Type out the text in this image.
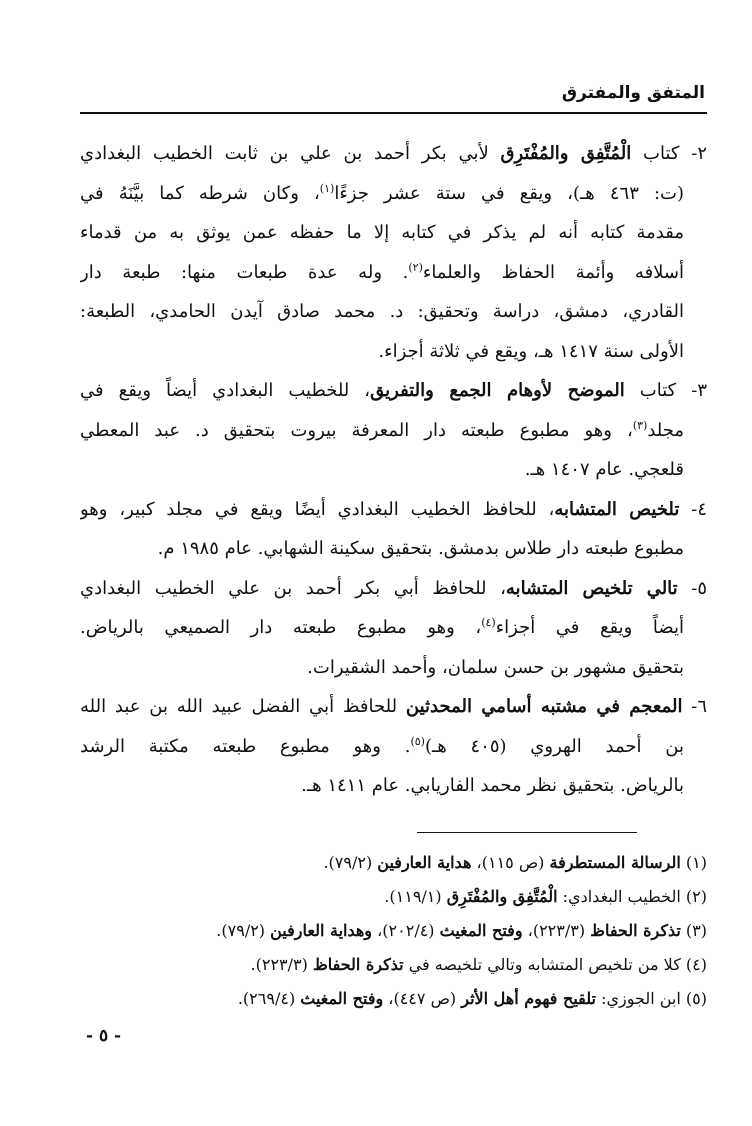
المتفق والمفترق
٢- كتاب الْمُتَّفِق والمُفْتَرِق لأبي بكر أحمد بن علي بن ثابت الخطيب البغدادي
(ت: ٤٦٣ هـ)، ويقع في ستة عشر جزءًا$^{(١)}$، وكان شرطه كما بيَّنَهُ في
مقدمة كتابه أنه لم يذكر في كتابه إلا ما حفظه عمن يوثق به من قدماء
أسلافه وأئمة الحفاظ والعلماء$^{(٢)}$. وله عدة طبعات منها: طبعة دار
القادري، دمشق، دراسة وتحقيق: د. محمد صادق آيدن الحامدي، الطبعة:
الأولى سنة ١٤١٧ هـ، ويقع في ثلاثة أجزاء.
٣- كتاب الموضح لأوهام الجمع والتفريق، للخطيب البغدادي أيضاً ويقع في
مجلد$^{(٣)}$، وهو مطبوع طبعته دار المعرفة بيروت بتحقيق د. عبد المعطي
قلعجي. عام ١٤٠٧ هـ.
٤- تلخيص المتشابه، للحافظ الخطيب البغدادي أيضًا ويقع في مجلد كبير، وهو
مطبوع طبعته دار طلاس بدمشق. بتحقيق سكينة الشهابي. عام ١٩٨٥ م.
٥- تالي تلخيص المتشابه، للحافظ أبي بكر أحمد بن علي الخطيب البغدادي
أيضاً ويقع في أجزاء$^{(٤)}$، وهو مطبوع طبعته دار الصميعي بالرياض.
بتحقيق مشهور بن حسن سلمان، وأحمد الشقيرات.
٦- المعجم في مشتبه أسامي المحدثين للحافظ أبي الفضل عبيد الله بن عبد الله
بن أحمد الهروي (٤٠٥ هـ)$^{(٥)}$. وهو مطبوع طبعته مكتبة الرشد
بالرياض. بتحقيق نظر محمد الفاريابي. عام ١٤١١ هـ.
(١) الرسالة المستطرفة (ص ١١٥)، هداية العارفين (٧٩/٢).
(٢) الخطيب البغدادي: الْمُتَّفِق والمُفْتَرِق (١١٩/١).
(٣) تذكرة الحفاظ (٢٢٣/٣)، وفتح المغيث (٢٠٢/٤)، وهداية العارفين (٧٩/٢).
(٤) كلا من تلخيص المتشابه وتالي تلخيصه في تذكرة الحفاظ (٢٢٣/٣).
(٥) ابن الجوزي: تلقيح فهوم أهل الأثر (ص ٤٤٧)، وفتح المغيث (٢٦٩/٤).
- ٥ -
